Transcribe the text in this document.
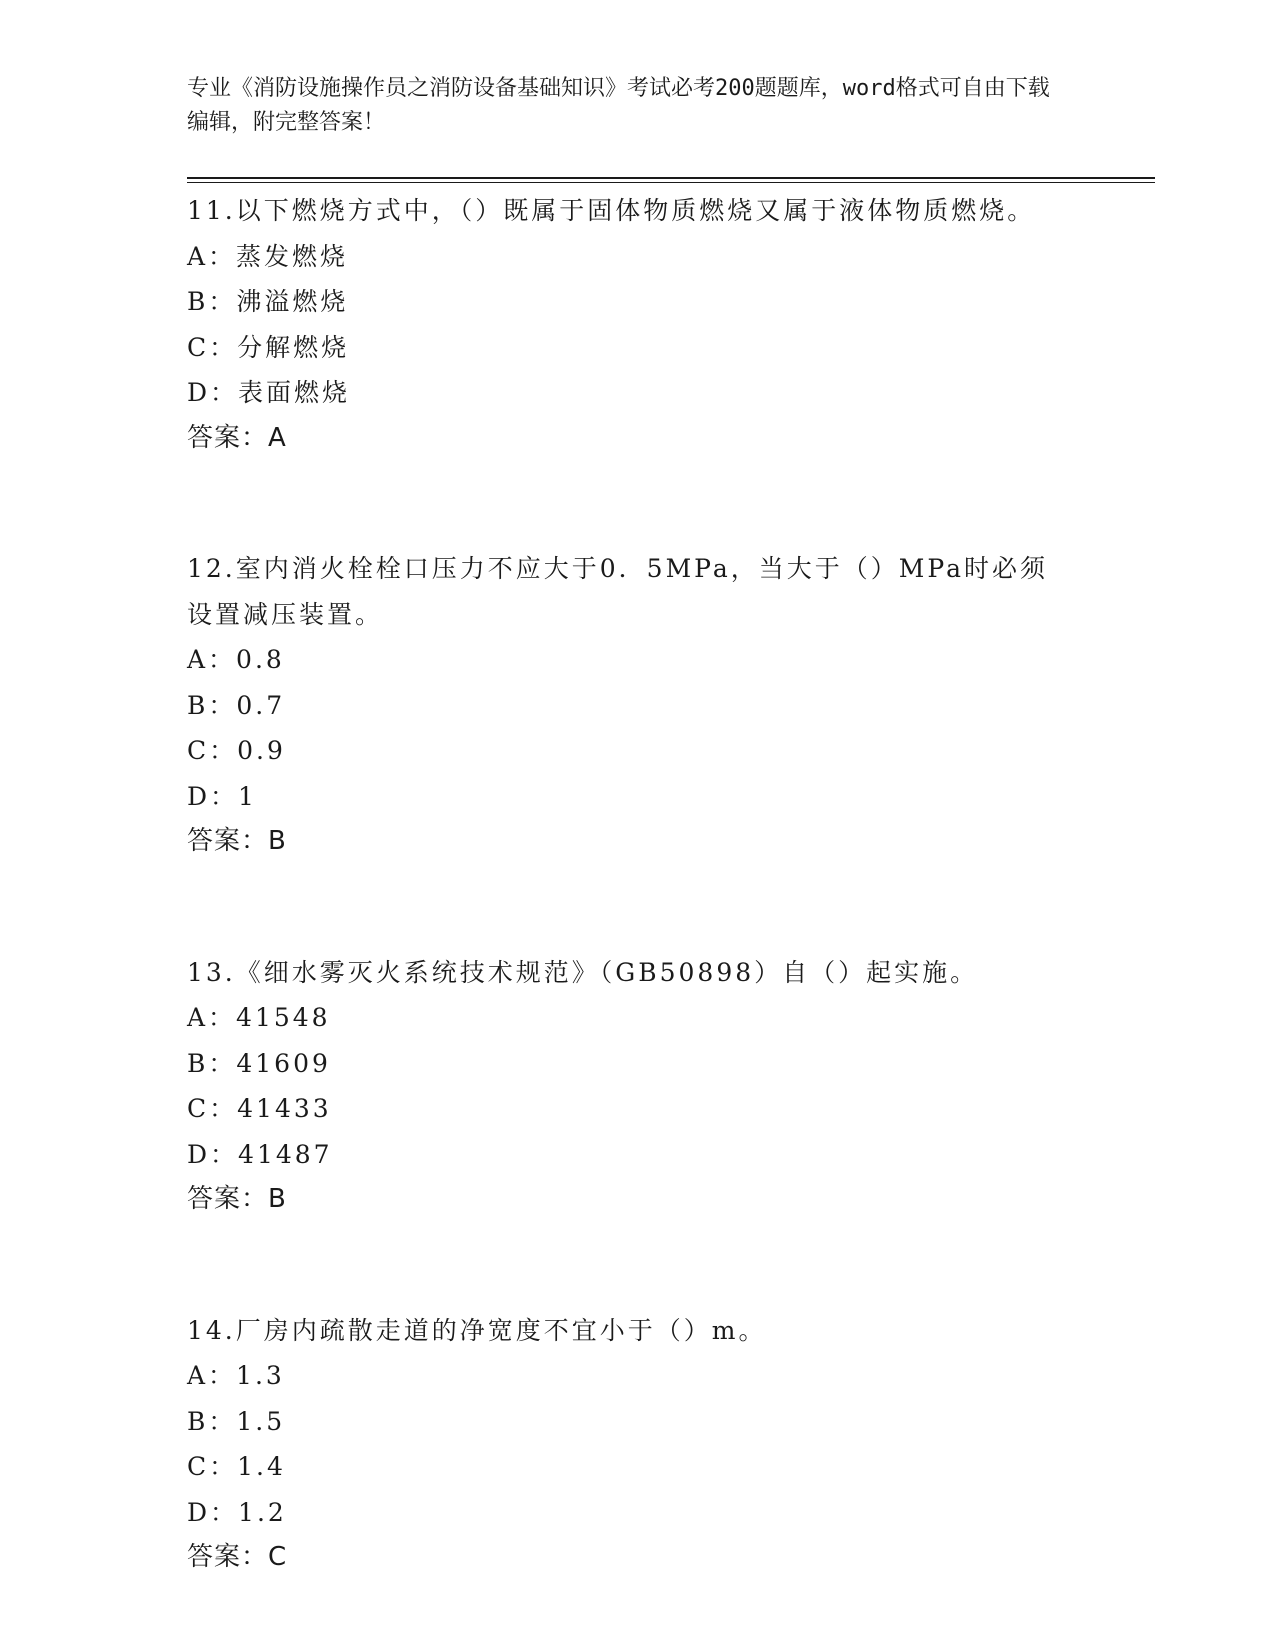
专业《消防设施操作员之消防设备基础知识》考试必考200题题库，word格式可自由下载编辑，附完整答案！

11.以下燃烧方式中，（）既属于固体物质燃烧又属于液体物质燃烧。

A：蒸发燃烧
B：沸溢燃烧
C：分解燃烧
D：表面燃烧
答案：A

12.室内消火栓栓口压力不应大于0．5MPa，当大于（）MPa时必须设置减压装置。

A：0.8
B：0.7
C：0.9
D：1
答案：B

13.《细水雾灭火系统技术规范》（GB50898）自（）起实施。

A：41548
B：41609
C：41433
D：41487
答案：B

14.厂房内疏散走道的净宽度不宜小于（）m。

A：1.3
B：1.5
C：1.4
D：1.2
答案：C
